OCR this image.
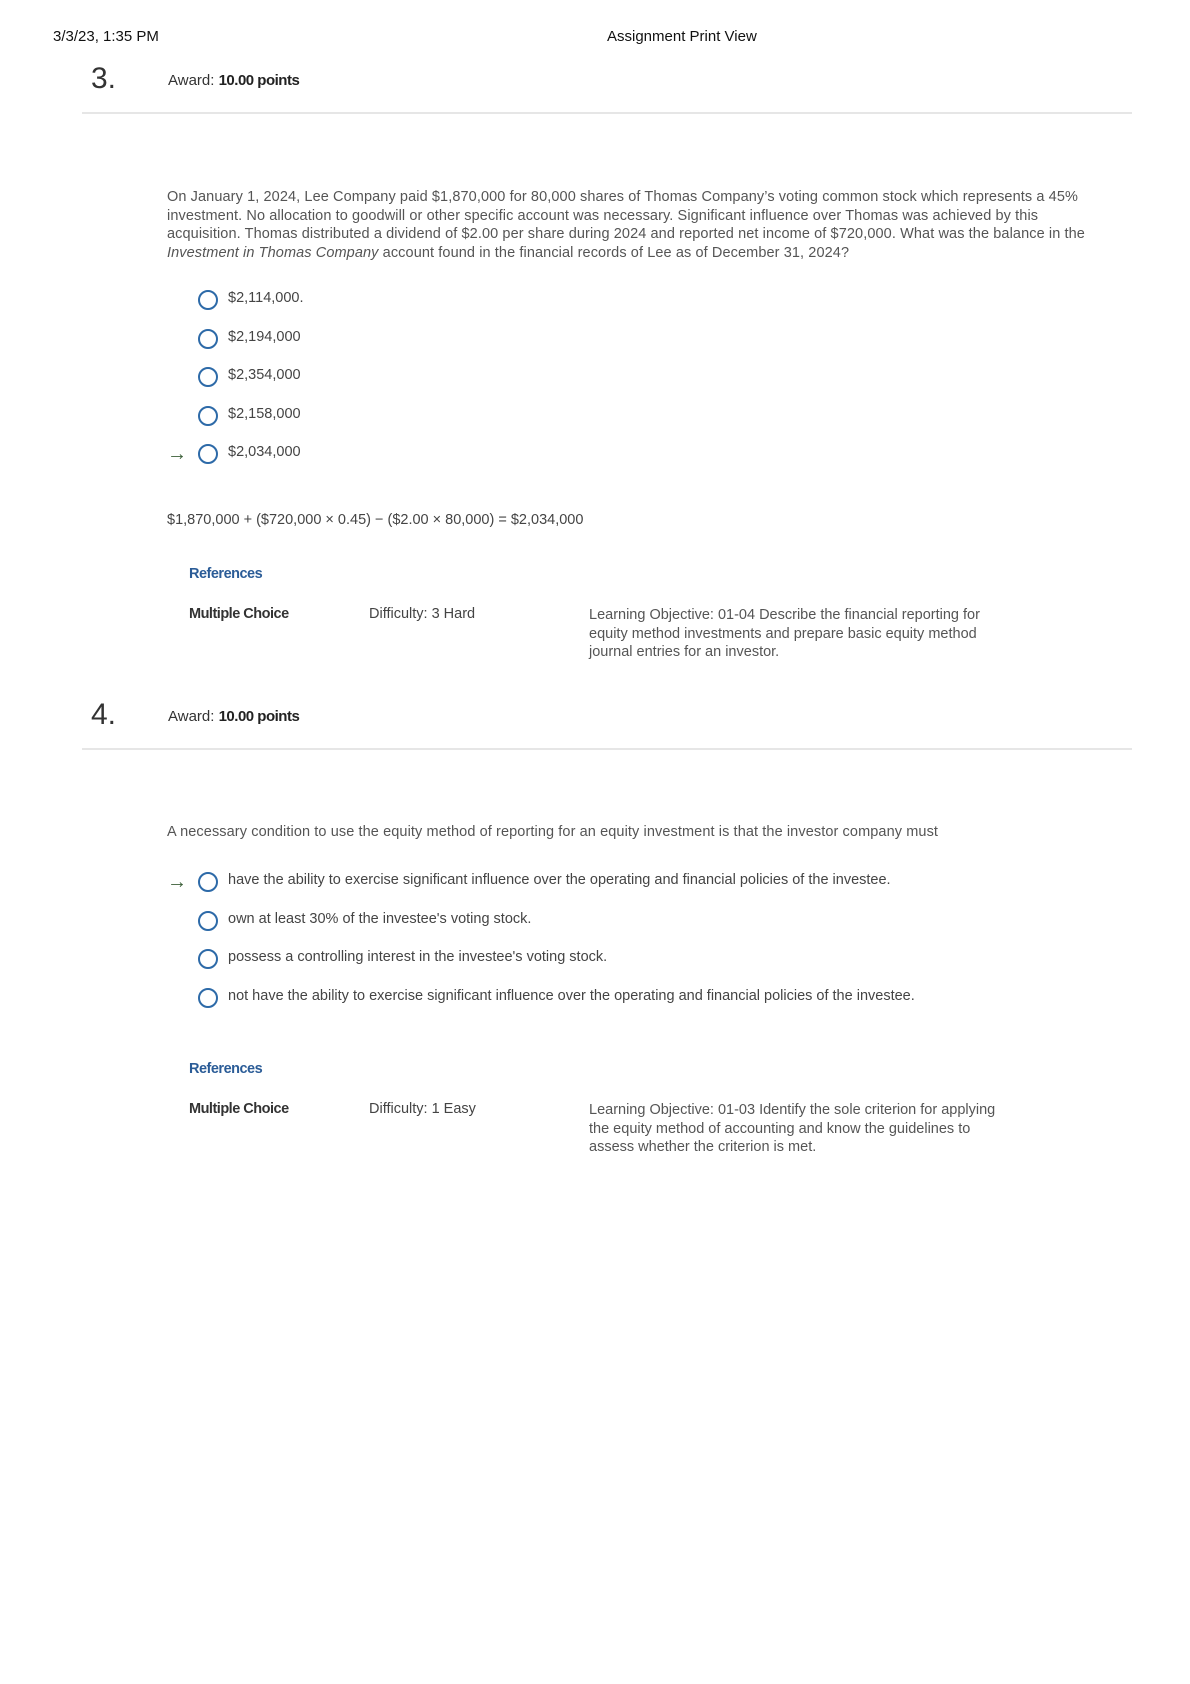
3/3/23, 1:35 PM	Assignment Print View
3.	Award: 10.00 points
On January 1, 2024, Lee Company paid $1,870,000 for 80,000 shares of Thomas Company’s voting common stock which represents a 45% investment. No allocation to goodwill or other specific account was necessary. Significant influence over Thomas was achieved by this acquisition. Thomas distributed a dividend of $2.00 per share during 2024 and reported net income of $720,000. What was the balance in the Investment in Thomas Company account found in the financial records of Lee as of December 31, 2024?
$2,114,000.
$2,194,000
$2,354,000
$2,158,000
→	$2,034,000
$1,870,000 + ($720,000 × 0.45) − ($2.00 × 80,000) = $2,034,000
References
Multiple Choice	Difficulty: 3 Hard	Learning Objective: 01-04 Describe the financial reporting for equity method investments and prepare basic equity method journal entries for an investor.
4.	Award: 10.00 points
A necessary condition to use the equity method of reporting for an equity investment is that the investor company must
→	have the ability to exercise significant influence over the operating and financial policies of the investee.
own at least 30% of the investee's voting stock.
possess a controlling interest in the investee's voting stock.
not have the ability to exercise significant influence over the operating and financial policies of the investee.
References
Multiple Choice	Difficulty: 1 Easy	Learning Objective: 01-03 Identify the sole criterion for applying the equity method of accounting and know the guidelines to assess whether the criterion is met.
